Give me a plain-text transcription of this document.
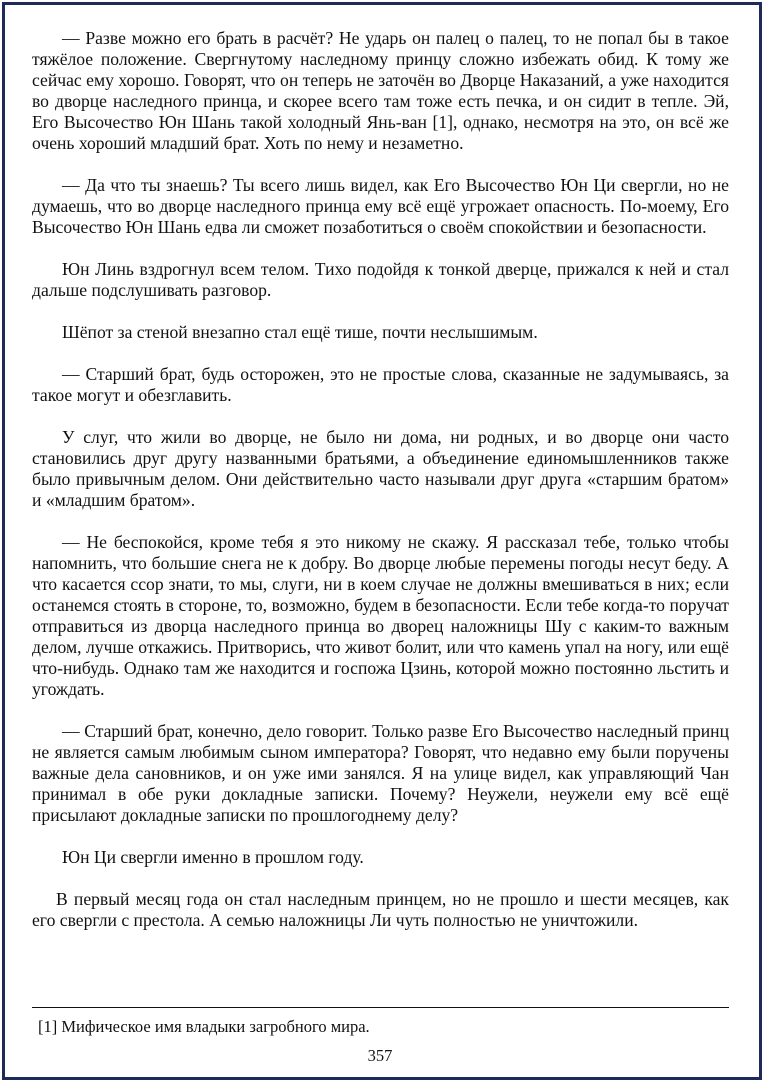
— Разве можно его брать в расчёт? Не ударь он палец о палец, то не попал бы в такое тяжёлое положение. Свергнутому наследному принцу сложно избежать обид. К тому же сейчас ему хорошо. Говорят, что он теперь не заточён во Дворце Наказаний, а уже находится во дворце наследного принца, и скорее всего там тоже есть печка, и он сидит в тепле. Эй, Его Высочество Юн Шань такой холодный Янь-ван [1], однако, несмотря на это, он всё же очень хороший младший брат. Хоть по нему и незаметно.

— Да что ты знаешь? Ты всего лишь видел, как Его Высочество Юн Ци свергли, но не думаешь, что во дворце наследного принца ему всё ещё угрожает опасность. По-моему, Его Высочество Юн Шань едва ли сможет позаботиться о своём спокойствии и безопасности.

Юн Линь вздрогнул всем телом. Тихо подойдя к тонкой дверце, прижался к ней и стал дальше подслушивать разговор.

Шёпот за стеной внезапно стал ещё тише, почти неслышимым.

— Старший брат, будь осторожен, это не простые слова, сказанные не задумываясь, за такое могут и обезглавить.

У слуг, что жили во дворце, не было ни дома, ни родных, и во дворце они часто становились друг другу названными братьями, а объединение единомышленников также было привычным делом. Они действительно часто называли друг друга «старшим братом» и «младшим братом».

— Не беспокойся, кроме тебя я это никому не скажу. Я рассказал тебе, только чтобы напомнить, что большие снега не к добру. Во дворце любые перемены погоды несут беду. А что касается ссор знати, то мы, слуги, ни в коем случае не должны вмешиваться в них; если останемся стоять в стороне, то, возможно, будем в безопасности. Если тебе когда-то поручат отправиться из дворца наследного принца во дворец наложницы Шу с каким-то важным делом, лучше откажись. Притворись, что живот болит, или что камень упал на ногу, или ещё что-нибудь. Однако там же находится и госпожа Цзинь, которой можно постоянно льстить и угождать.

— Старший брат, конечно, дело говорит. Только разве Его Высочество наследный принц не является самым любимым сыном императора? Говорят, что недавно ему были поручены важные дела сановников, и он уже ими занялся. Я на улице видел, как управляющий Чан принимал в обе руки докладные записки. Почему? Неужели, неужели ему всё ещё присылают докладные записки по прошлогоднему делу?

Юн Ци свергли именно в прошлом году.

В первый месяц года он стал наследным принцем, но не прошло и шести месяцев, как его свергли с престола. А семью наложницы Ли чуть полностью не уничтожили.

[1] Мифическое имя владыки загробного мира.
357
